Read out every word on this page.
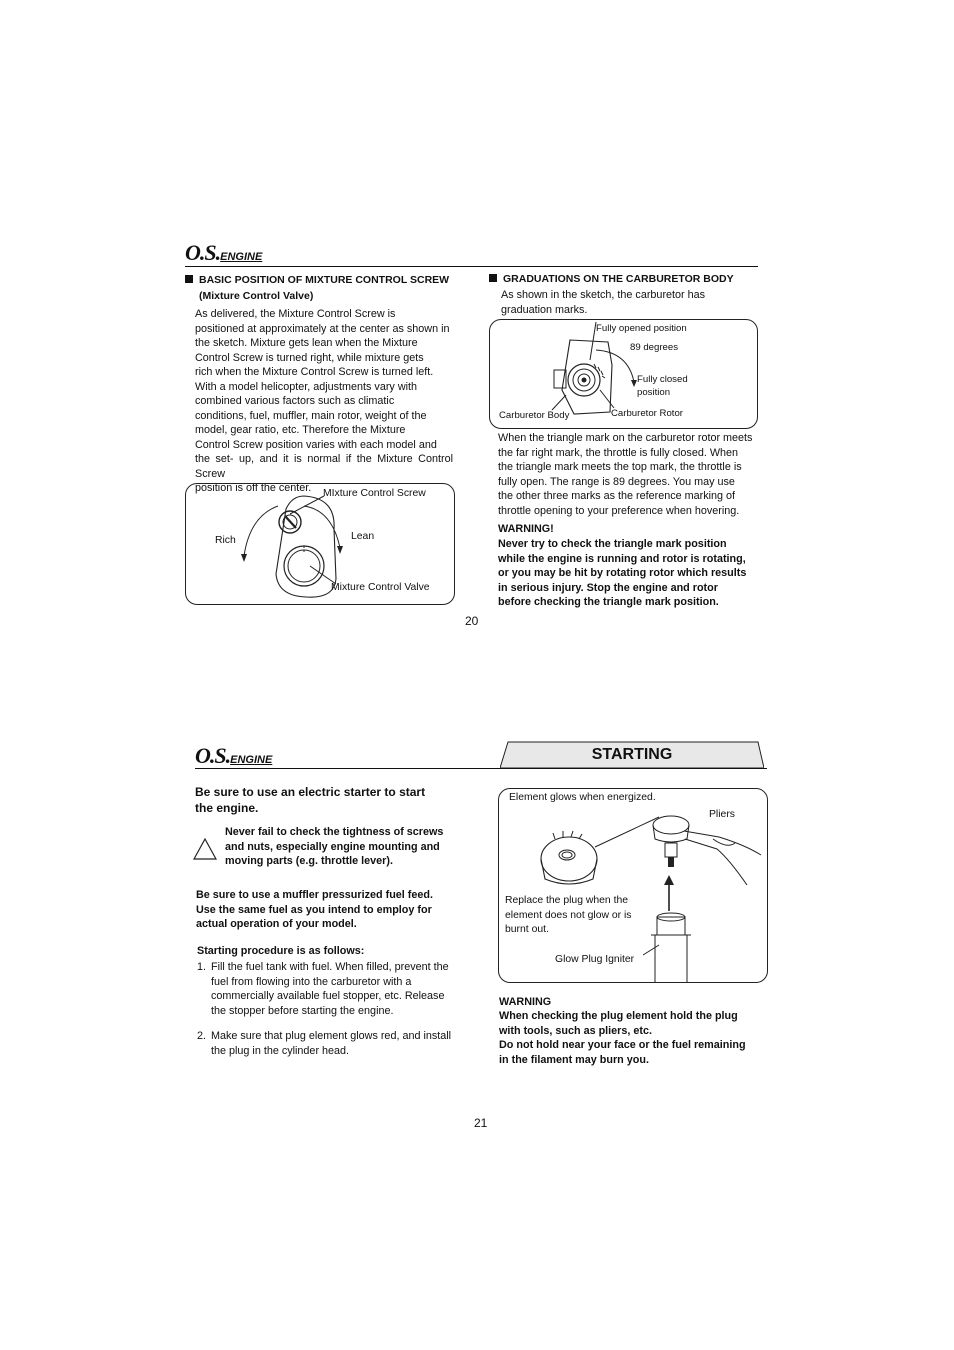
O.S.ENGINE
BASIC POSITION OF MIXTURE CONTROL SCREW
(Mixture Control Valve)
As delivered, the Mixture Control Screw is
positioned at approximately at the center as shown in
the sketch. Mixture gets lean when the Mixture
Control Screw is turned right, while mixture gets
rich when the Mixture Control Screw is turned left.
With a model helicopter, adjustments vary with
combined various factors such as climatic
conditions, fuel, muffler, main rotor, weight of the
model, gear ratio, etc. Therefore the Mixture
Control Screw position varies with each model and
the set- up, and it is normal if the Mixture Control Screw
position is off the center.	MIxture Control Screw
Rich	Lean
Mixture Control Valve
GRADUATIONS ON THE CARBURETOR BODY
As shown in the sketch, the carburetor has
graduation marks.
Fully opened position
89 degrees
Fully closed
position
Carburetor Body	Carburetor Rotor
When the triangle mark on the carburetor rotor meets
the far right mark, the throttle is fully closed. When
the triangle mark meets the top mark, the throttle is
fully open. The range is 89 degrees. You may use
the other three marks as the reference marking of
throttle opening to your preference when hovering.
WARNING!
Never try to check the triangle mark position
while the engine is running and rotor is rotating,
or you may be hit by rotating rotor which results
in serious injury. Stop the engine and rotor
before checking the triangle mark position.
20
O.S.ENGINE	STARTING
Be sure to use an electric starter to start
the engine.
Never fail to check the tightness of screws
and nuts, especially engine mounting and
moving parts (e.g. throttle lever).
Be sure to use a muffler pressurized fuel feed.
Use the same fuel as you intend to employ for
actual operation of your model.
Starting procedure is as follows:
1. Fill the fuel tank with fuel. When filled, prevent the
fuel from flowing into the carburetor with a
commercially available fuel stopper, etc. Release
the stopper before starting the engine.
2. Make sure that plug element glows red, and install
the plug in the cylinder head.
Element glows when energized.
Pliers
Replace the plug when the
element does not glow or is
burnt out.
Glow Plug Igniter
WARNING
When checking the plug element hold the plug
with tools, such as pliers, etc.
Do not hold near your face or the fuel remaining
in the filament may burn you.
21
